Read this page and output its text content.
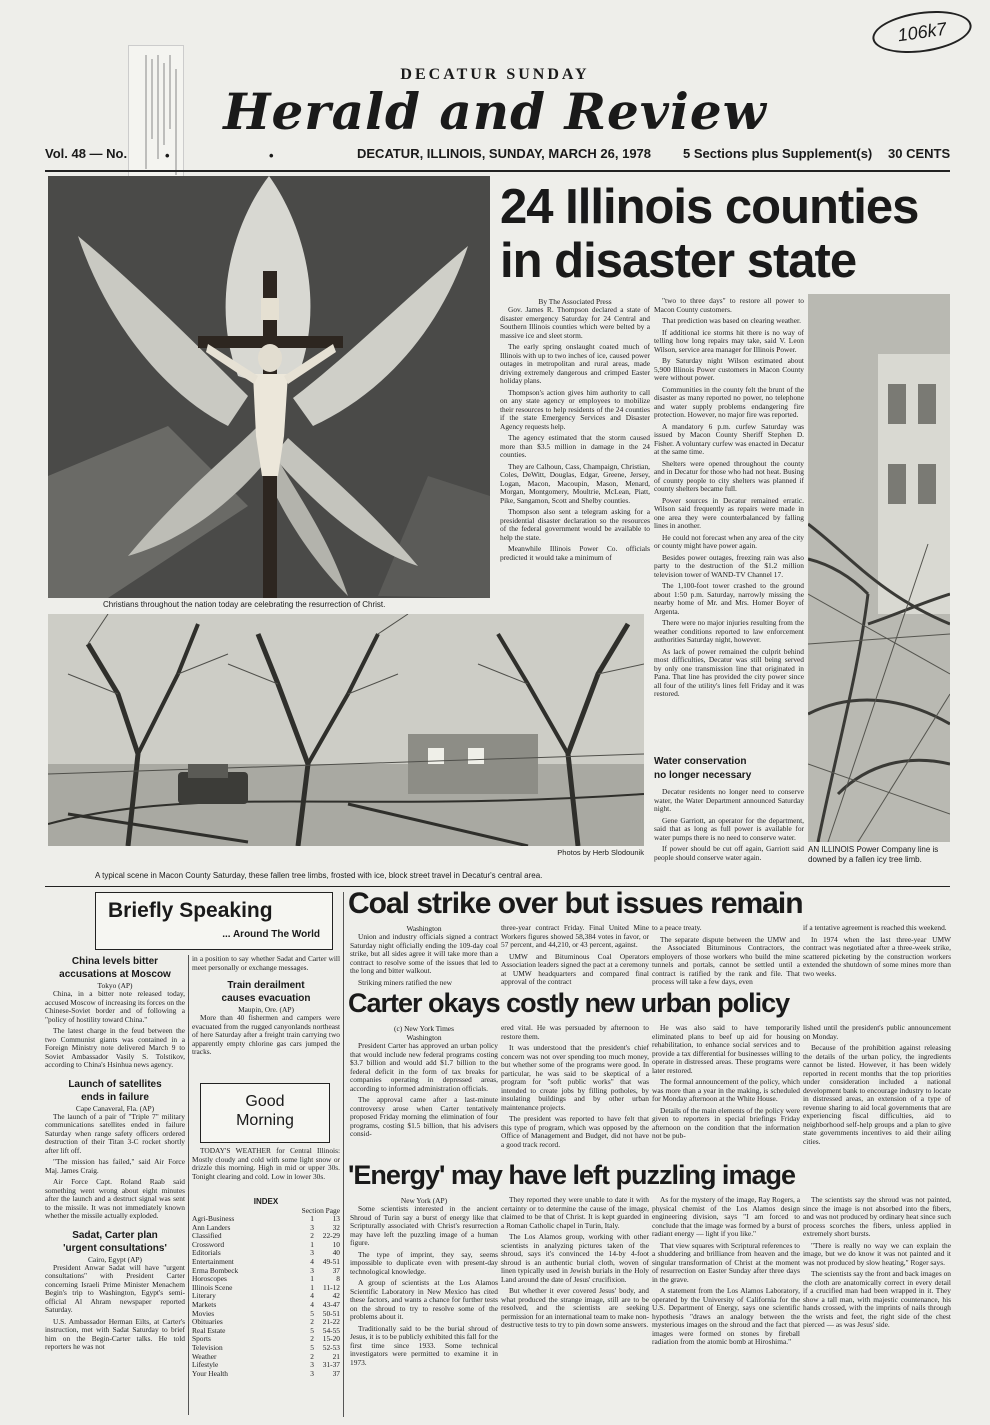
106k7
DECATUR SUNDAY
Herald and Review
Vol. 48 — No.	•	•	DECATUR, ILLINOIS, SUNDAY, MARCH 26, 1978 5 Sections plus Supplement(s) 30 CENTS
Christians throughout the nation today are celebrating the resurrection of Christ.
24 Illinois counties
in disaster state
By The Associated Press

Gov. James R. Thompson declared a state of disaster emergency Saturday for 24 Central and Southern Illinois counties which were belted by a massive ice and sleet storm.

The early spring onslaught coated much of Illinois with up to two inches of ice, caused power outages in metropolitan and rural areas, made driving extremely dangerous and crimped Easter holiday plans.

Thompson's action gives him authority to call on any state agency or employees to mobilize their resources to help residents of the 24 counties if the state Emergency Services and Disaster Agency requests help.

The agency estimated that the storm caused more than $3.5 million in damage in the 24 counties.

They are Calhoun, Cass, Champaign, Christian, Coles, DeWitt, Douglas, Edgar, Greene, Jersey, Logan, Macon, Macoupin, Mason, Menard, Morgan, Montgomery, Moultrie, McLean, Piatt, Pike, Sangamon, Scott and Shelby counties.

Thompson also sent a telegram asking for a presidential disaster declaration so the resources of the federal government would be available to help the state.

Meanwhile Illinois Power Co. officials predicted it would take a minimum of

"two to three days" to restore all power to Macon County customers.

That prediction was based on clearing weather.

If additional ice storms hit there is no way of telling how long repairs may take, said V. Leon Wilson, service area manager for Illinois Power.

By Saturday night Wilson estimated about 5,900 Illinois Power customers in Macon County were without power.

Communities in the county felt the brunt of the disaster as many reported no power, no telephone and water supply problems endangering fire protection. However, no major fire was reported.

A mandatory 6 p.m. curfew Saturday was issued by Macon County Sheriff Stephen D. Fisher. A voluntary curfew was enacted in Decatur at the same time.

Shelters were opened throughout the county and in Decatur for those who had not heat. Busing of county people to city shelters was planned if county shelters became full.

Power sources in Decatur remained erratic. Wilson said frequently as repairs were made in one area they were counterbalanced by falling lines in another.

He could not forecast when any area of the city or county might have power again.

Besides power outages, freezing rain was also party to the destruction of the $1.2 million television tower of WAND-TV Channel 17.

The 1,100-foot tower crashed to the ground about 1:50 p.m. Saturday, narrowly missing the nearby home of Mr. and Mrs. Homer Boyer of Argenta.

There were no major injuries resulting from the weather conditions reported to law enforcement authorities Saturday night, however.

As lack of power remained the culprit behind most difficulties, Decatur was still being served by only one transmission line that originated in Pana. That line has provided the city power since all four of the utility's lines fell Friday and it was restored.

Water conservation
no longer necessary

Decatur residents no longer need to conserve water, the Water Department announced Saturday night.

Gene Garriott, an operator for the department, said that as long as full power is available for water pumps there is no need to conserve water.

If power should be cut off again, Garriott said people should conserve water again.

AN ILLINOIS Power Company line is downed by a fallen icy tree limb.
Photos by Herb Slodounik
A typical scene in Macon County Saturday, these fallen tree limbs, frosted with ice, block street travel in Decatur's central area.
Briefly Speaking
... Around The World
China levels bitter
accusations at Moscow
Tokyo (AP)

China, in a bitter note released today, accused Moscow of increasing its forces on the Chinese-Soviet border and of following a "policy of hostility toward China."

The latest charge in the feud between the two Communist giants was contained in a Foreign Ministry note delivered March 9 to Soviet Ambassador Vasily S. Tolstikov, according to China's Hsinhua news agency.

Launch of satellites
ends in failure
Cape Canaveral, Fla. (AP)

The launch of a pair of "Triple 7" military communications satellites ended in failure Saturday when range safety officers ordered destruction of their Titan 3-C rocket shortly after lift off.

"The mission has failed," said Air Force Maj. James Craig.

Air Force Capt. Roland Raab said something went wrong about eight minutes after the launch and a destruct signal was sent to the missile. It was not immediately known whether the missile actually exploded.

Sadat, Carter plan
'urgent consultations'
Cairo, Egypt (AP)

President Anwar Sadat will have "urgent consultations" with President Carter concerning Israeli Prime Minister Menachem Begin's trip to Washington, Egypt's semi-official Al Ahram newspaper reported Saturday.

U.S. Ambassador Herman Eilts, at Carter's instruction, met with Sadat Saturday to brief him on the Begin-Carter talks. He told reporters he was not

in a position to say whether Sadat and Carter will meet personally or exchange messages.

Train derailment
causes evacuation
Maupin, Ore. (AP)

More than 40 fishermen and campers were evacuated from the rugged canyonlands northeast of here Saturday after a freight train carrying two apparently empty chlorine gas cars jumped the tracks.

Good
Morning

TODAY'S WEATHER for Central Illinois: Mostly cloudy and cold with some light snow or drizzle this morning. High in mid or upper 30s. Tonight clearing and cold. Low in lower 30s.

INDEX
Section Page
Agri-Business	1	13
Ann Landers	3	32
Classified	2	22-29
Crossword	1	10
Editorials	3	40
Entertainment	4	49-51
Erma Bombeck	3	37
Horoscopes	1	8
Illinois Scene	1	11-12
Literary	4	42
Markets	4	43-47
Movies	5	50-51
Obituaries	2	21-22
Real Estate	5	54-55
Sports	2	15-20
Television	5	52-53
Weather	2	21
Lifestyle	3	31-37
Your Health	3	37
Coal strike over but issues remain
Washington

Union and industry officials signed a contract Saturday night officially ending the 109-day coal strike, but all sides agree it will take more than a contract to resolve some of the issues that led to the long and bitter walkout.

Striking miners ratified the new

three-year contract Friday. Final United Mine Workers figures showed 58,384 votes in favor, or 57 percent, and 44,210, or 43 percent, against.

UMW and Bituminous Coal Operators Association leaders signed the pact at a ceremony at UMW headquarters and compared final approval of the contract

to a peace treaty.

The separate dispute between the UMW and the Associated Bituminous Contractors, the employers of those workers who build the mine tunnels and portals, cannot be settled until a contract is ratified by the rank and file. That process will take a few days, even

if a tentative agreement is reached this weekend.

In 1974 when the last three-year UMW contract was negotiated after a three-week strike, scattered picketing by the construction workers extended the shutdown of some mines more than two weeks.

Carter okays costly new urban policy
(c) New York Times
Washington

President Carter has approved an urban policy that would include new federal programs costing $3.7 billion and would add $1.7 billion to the federal deficit in the form of tax breaks for companies operating in depressed areas, according to informed administration officials.

The approval came after a last-minute controversy arose when Carter tentatively proposed Friday morning the elimination of four programs, costing $1.5 billion, that his advisers consid-

ered vital. He was persuaded by afternoon to restore them.

It was understood that the president's chief concern was not over spending too much money, but whether some of the programs were good. In particular, he was said to be skeptical of a program for "soft public works" that was intended to create jobs by filling potholes, by insulating buildings and by other urban maintenance projects.

The president was reported to have felt that this type of program, which was opposed by the Office of Management and Budget, did not have a good track record.

He was also said to have temporarily eliminated plans to beef up aid for housing rehabilitation, to enhance social services and to provide a tax differential for businesses willing to operate in distressed areas. These programs were later restored.

The formal announcement of the policy, which was more than a year in the making, is scheduled for Monday afternoon at the White House.

Details of the main elements of the policy were given to reporters in special briefings Friday afternoon on the condition that the information not be pub-

lished until the president's public announcement on Monday.

Because of the prohibition against releasing the details of the urban policy, the ingredients cannot be listed. However, it has been widely reported in recent months that the top priorities under consideration included a national development bank to encourage industry to locate in distressed areas, an extension of a type of revenue sharing to aid local governments that are experiencing fiscal difficulties, aid to neighborhood self-help groups and a plan to give state governments incentives to aid their ailing cities.

'Energy' may have left puzzling image
New York (AP)

Some scientists interested in the ancient Shroud of Turin say a burst of energy like that Scripturally associated with Christ's resurrection may have left the puzzling image of a human figure.

The type of imprint, they say, seems impossible to duplicate even with present-day technological knowledge.

A group of scientists at the Los Alamos Scientific Laboratory in New Mexico has cited these factors, and wants a chance for further tests on the shroud to try to resolve some of the problems about it.

Traditionally said to be the burial shroud of Jesus, it is to be publicly exhibited this fall for the first time since 1933. Some technical investigators were permitted to examine it in 1973.

They reported they were unable to date it with certainty or to determine the cause of the image, claimed to be that of Christ. It is kept guarded in a Roman Catholic chapel in Turin, Italy.

The Los Alamos group, working with other scientists in analyzing pictures taken of the shroud, says it's convinced the 14-by 4-foot shroud is an authentic burial cloth, woven of linen typically used in Jewish burials in the Holy Land around the date of Jesus' crucifixion.

But whether it ever covered Jesus' body, and what produced the strange image, still are to be resolved, and the scientists are seeking permission for an international team to make non-destructive tests to try to pin down some answers.

As for the mystery of the image, Ray Rogers, a physical chemist of the Los Alamos design engineering division, says "I am forced to conclude that the image was formed by a burst of radiant energy — light if you like."

That view squares with Scriptural references to a shuddering and brilliance from heaven and the singular transformation of Christ at the moment of resurrection on Easter Sunday after three days in the grave.

A statement from the Los Alamos Laboratory, operated by the University of California for the U.S. Department of Energy, says one scientific hypothesis "draws an analogy between the mysterious images on the shroud and the fact that images were formed on stones by fireball radiation from the atomic bomb at Hiroshima."

The scientists say the shroud was not painted, since the image is not absorbed into the fibers, and was not produced by ordinary heat since such process scorches the fibers, unless applied in extremely short bursts.

"There is really no way we can explain the image, but we do know it was not painted and it was not produced by slow heating," Roger says.

The scientists say the front and back images on the cloth are anatomically correct in every detail if a crucified man had been wrapped in it. They show a tall man, with majestic countenance, his hands crossed, with the imprints of nails through the wrists and feet, the right side of the chest pierced — as was Jesus' side.
